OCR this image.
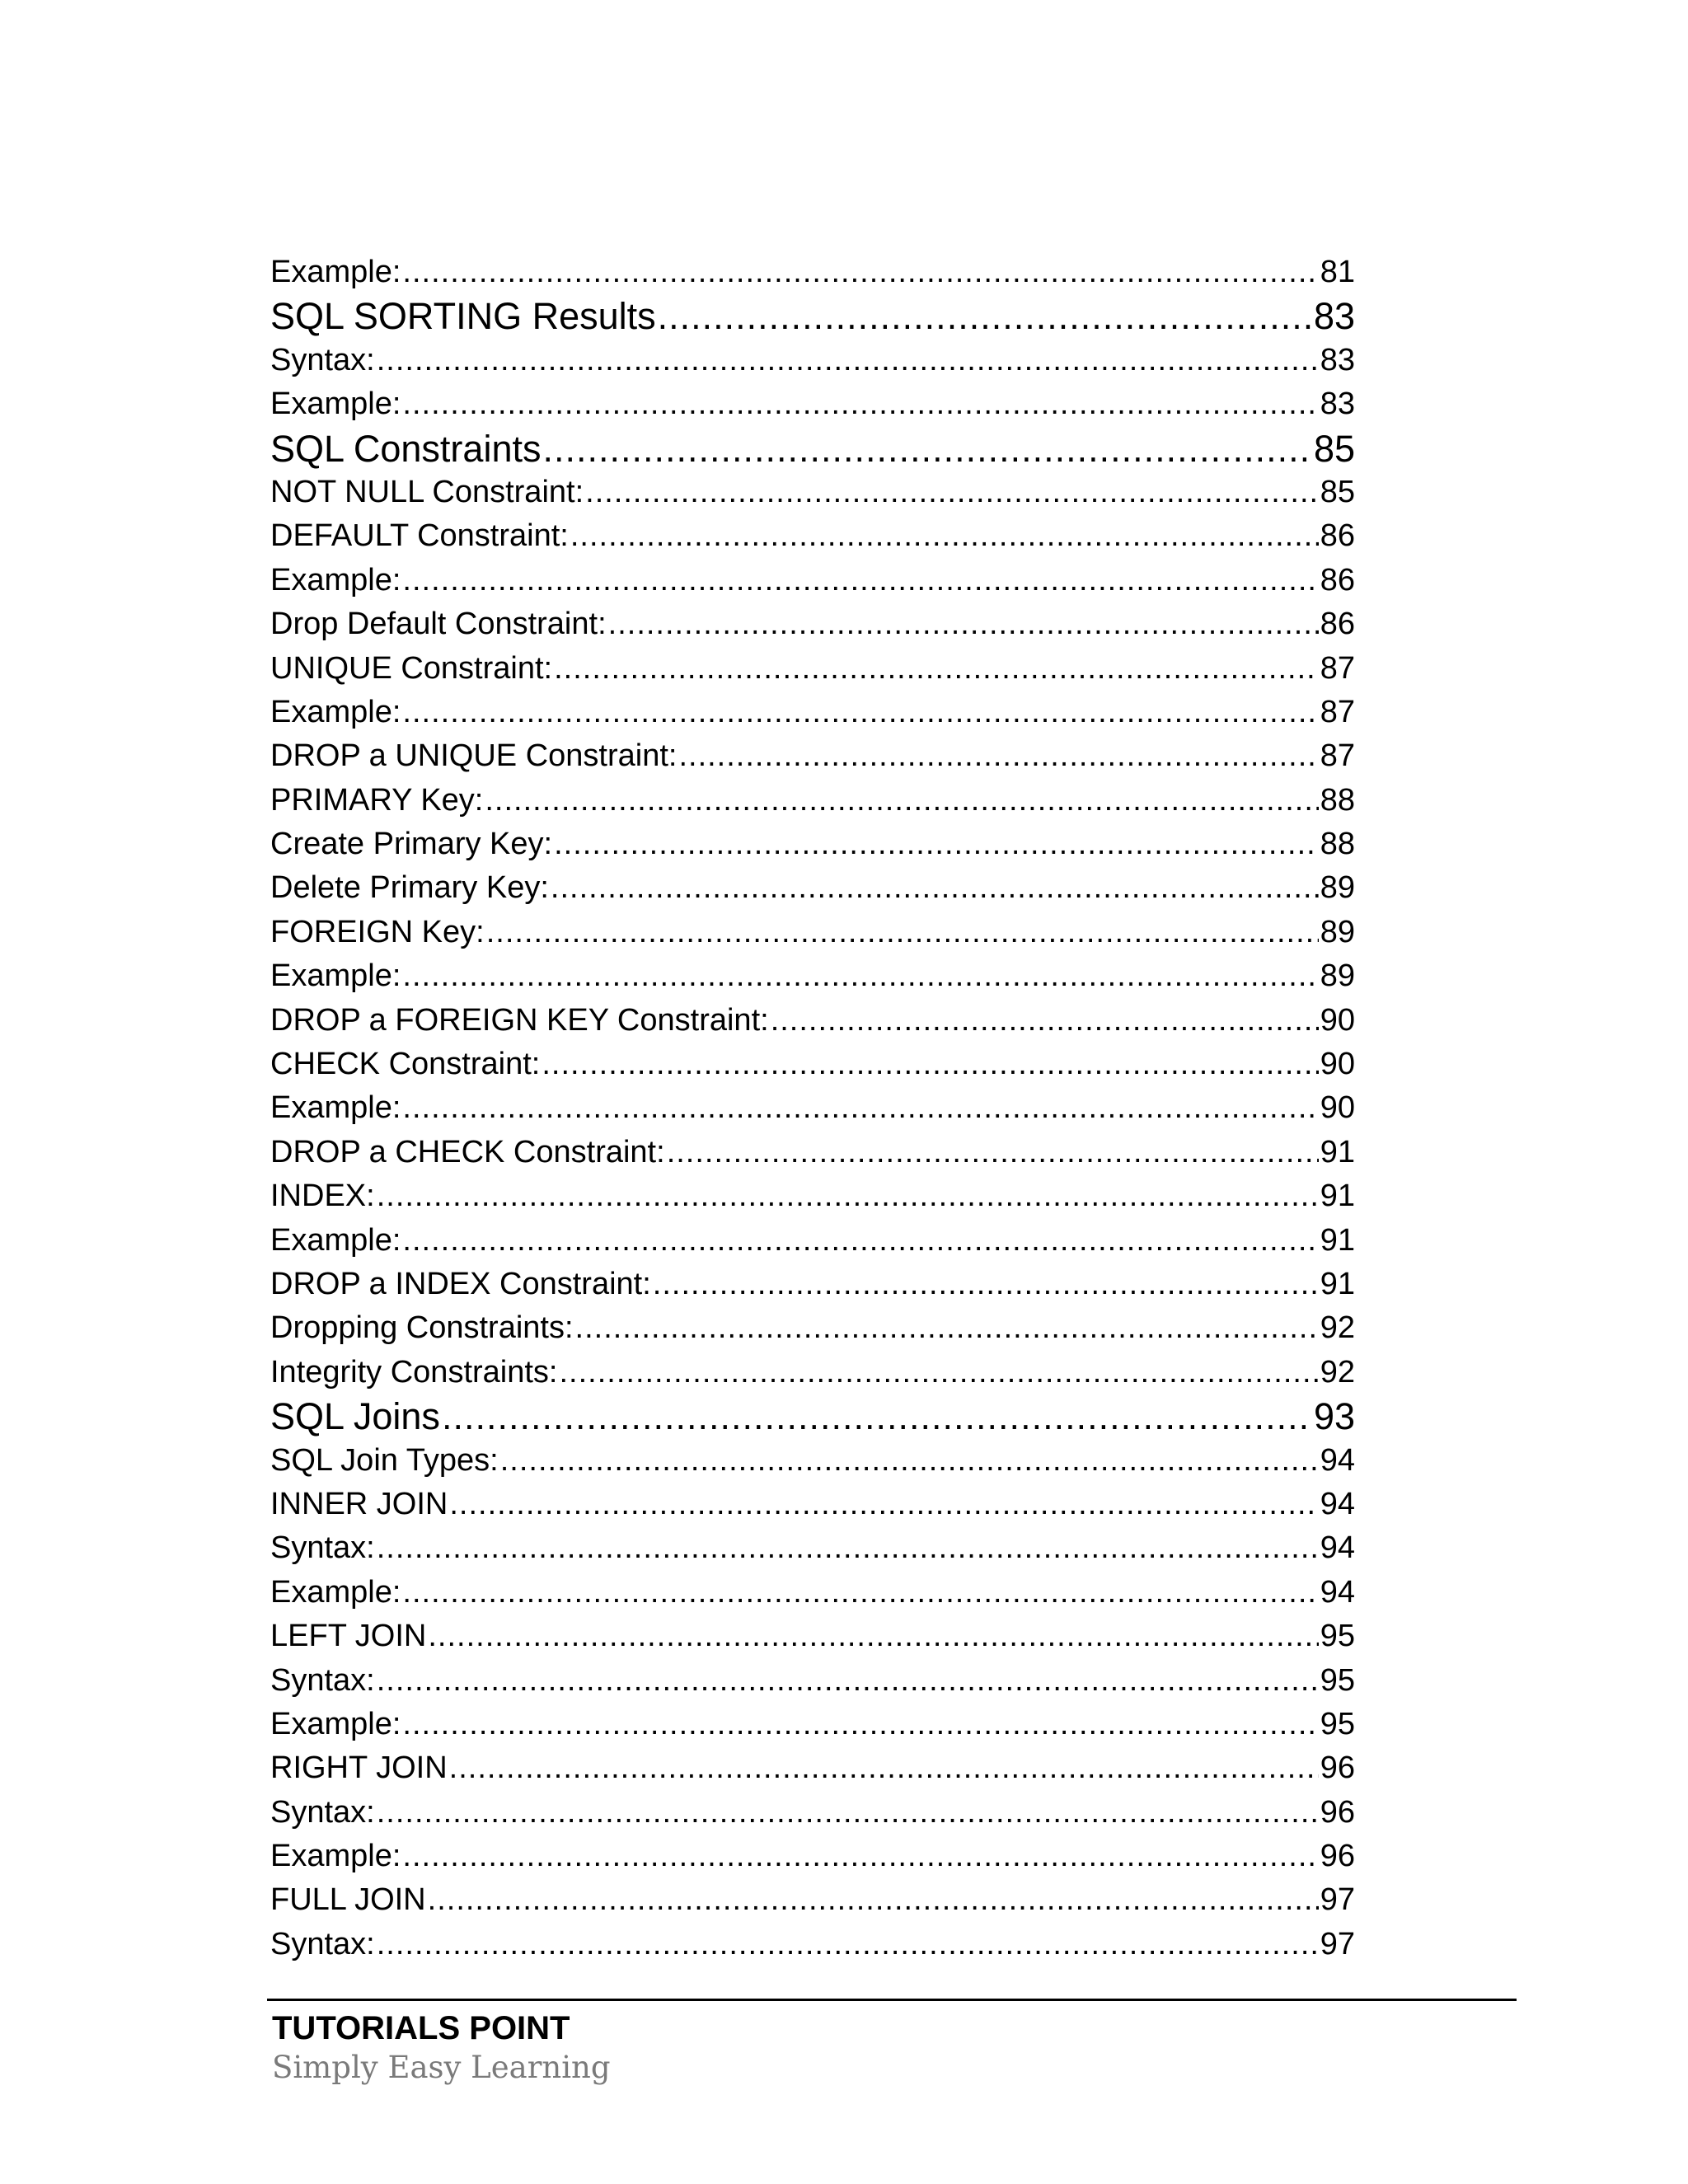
Example: .....	81
SQL SORTING Results .....	83
Syntax: .....	83
Example: .....	83
SQL Constraints .....	85
NOT NULL Constraint: .....	85
DEFAULT Constraint: .....	86
Example: .....	86
Drop Default Constraint: .....	86
UNIQUE Constraint: .....	87
Example: .....	87
DROP a UNIQUE Constraint: .....	87
PRIMARY Key: .....	88
Create Primary Key: .....	88
Delete Primary Key: .....	89
FOREIGN Key: .....	89
Example: .....	89
DROP a FOREIGN KEY Constraint: .....	90
CHECK Constraint: .....	90
Example: .....	90
DROP a CHECK Constraint: .....	91
INDEX: .....	91
Example: .....	91
DROP a INDEX Constraint: .....	91
Dropping Constraints: .....	92
Integrity Constraints: .....	92
SQL Joins .....	93
SQL Join Types: .....	94
INNER JOIN .....	94
Syntax: .....	94
Example: .....	94
LEFT JOIN .....	95
Syntax: .....	95
Example: .....	95
RIGHT JOIN .....	96
Syntax: .....	96
Example: .....	96
FULL JOIN .....	97
Syntax: .....	97
TUTORIALS POINT
Simply Easy Learning
